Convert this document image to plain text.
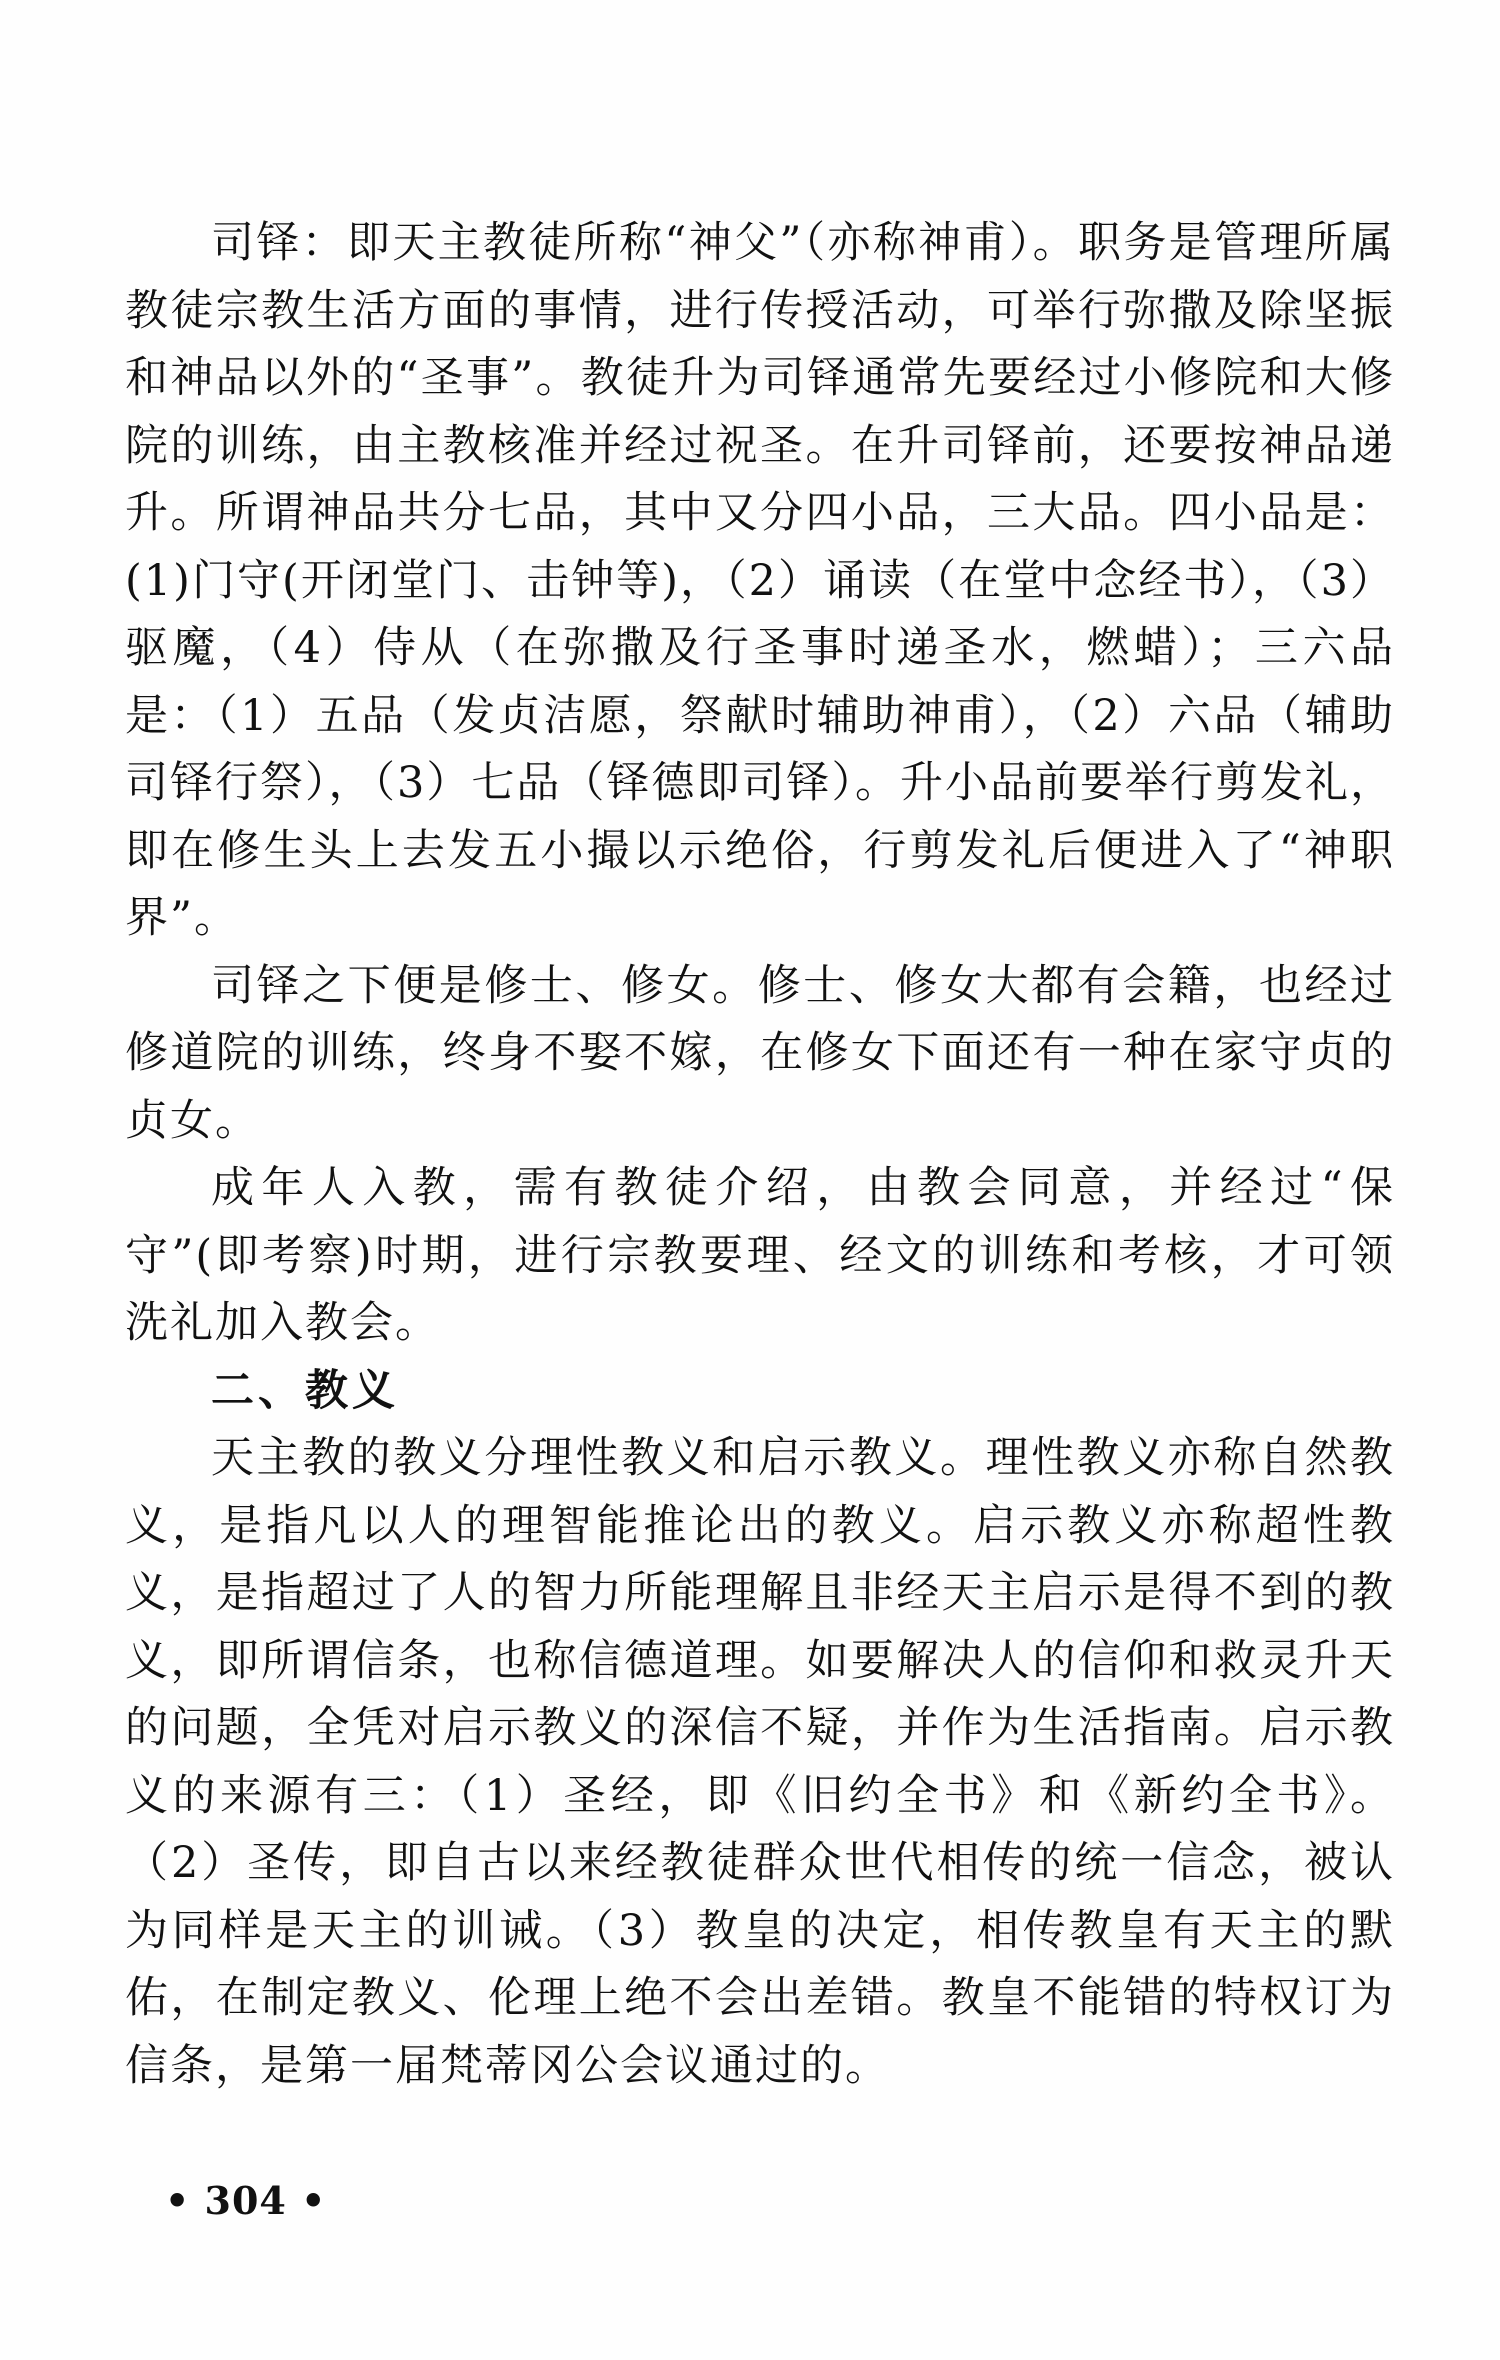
司铎：即天主教徒所称“神父”（亦称神甫）。职务是管理所属教徒宗教生活方面的事情，进行传授活动，可举行弥撒及除坚振和神品以外的“圣事”。教徒升为司铎通常先要经过小修院和大修院的训练，由主教核准并经过祝圣。在升司铎前，还要按神品递升。所谓神品共分七品，其中又分四小品，三大品。四小品是：(1)门守(开闭堂门、击钟等)，（2）诵读（在堂中念经书），（3）驱魔，（4）侍从（在弥撒及行圣事时递圣水，燃蜡）；三六品是：（1）五品（发贞洁愿，祭献时辅助神甫），（2）六品（辅助司铎行祭），（3）七品（铎德即司铎）。升小品前要举行剪发礼，即在修生头上去发五小撮以示绝俗，行剪发礼后便进入了“神职界”。

司铎之下便是修士、修女。修士、修女大都有会籍，也经过修道院的训练，终身不娶不嫁，在修女下面还有一种在家守贞的贞女。

成年人入教，需有教徒介绍，由教会同意，并经过“保守”(即考察)时期，进行宗教要理、经文的训练和考核，才可领洗礼加入教会。

二、教义

天主教的教义分理性教义和启示教义。理性教义亦称自然教义，是指凡以人的理智能推论出的教义。启示教义亦称超性教义，是指超过了人的智力所能理解且非经天主启示是得不到的教义，即所谓信条，也称信德道理。如要解决人的信仰和救灵升天的问题，全凭对启示教义的深信不疑，并作为生活指南。启示教义的来源有三：（1）圣经，即《旧约全书》和《新约全书》。（2）圣传，即自古以来经教徒群众世代相传的统一信念，被认为同样是天主的训诫。（3）教皇的决定，相传教皇有天主的默佑，在制定教义、伦理上绝不会出差错。教皇不能错的特权订为信条，是第一届梵蒂冈公会议通过的。

• 304 •
